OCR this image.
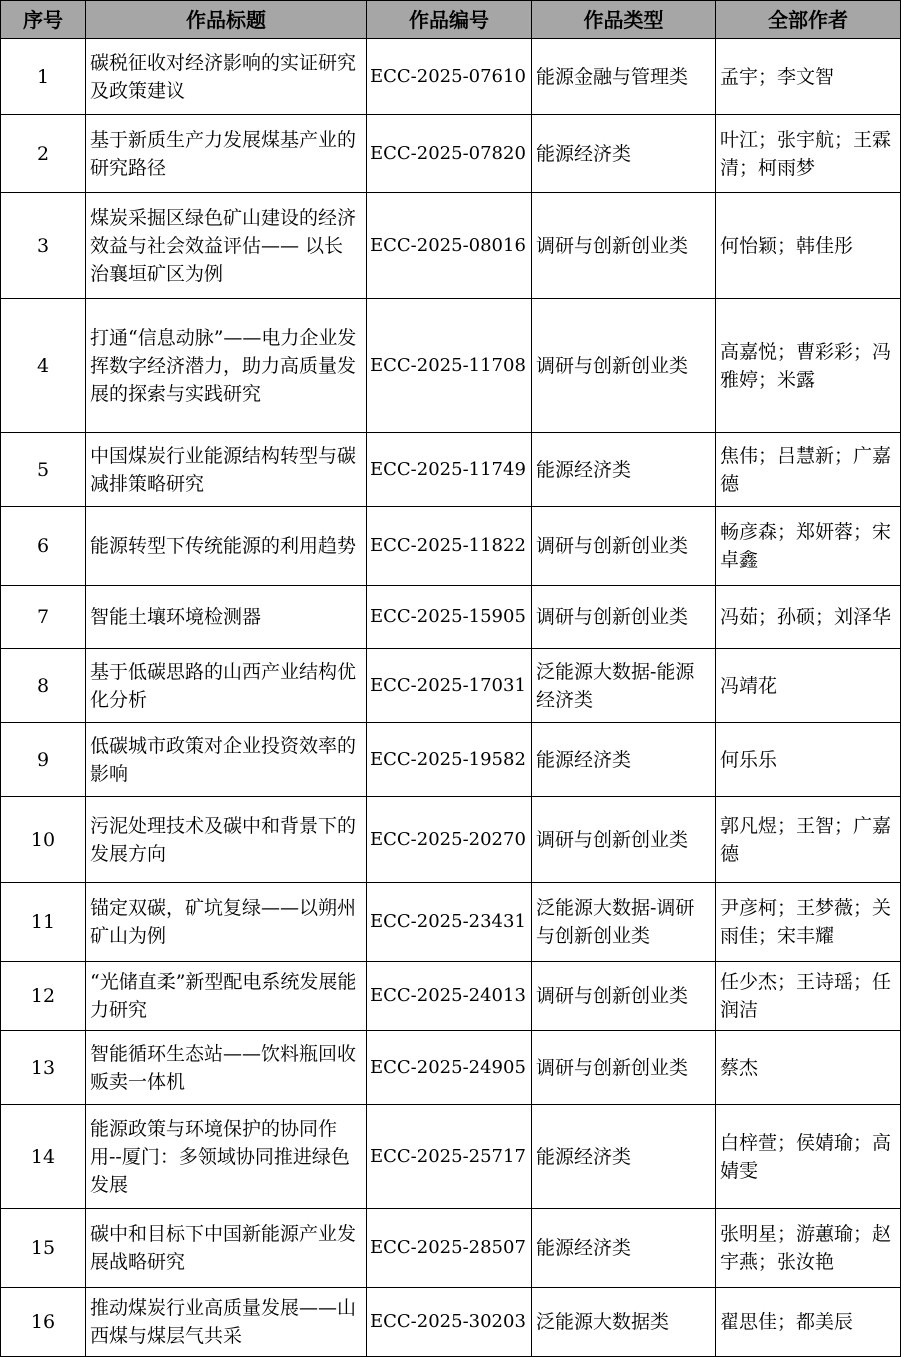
序号	作品标题	作品编号	作品类型	全部作者
1	碳税征收对经济影响的实证研究及政策建议	ECC-2025-07610	能源金融与管理类	孟宇；李文智
2	基于新质生产力发展煤基产业的研究路径	ECC-2025-07820	能源经济类	叶江；张宇航；王霖清；柯雨梦
3	煤炭采掘区绿色矿山建设的经济效益与社会效益评估—— 以长治襄垣矿区为例	ECC-2025-08016	调研与创新创业类	何怡颖；韩佳彤
4	打通“信息动脉”——电力企业发挥数字经济潜力，助力高质量发展的探索与实践研究	ECC-2025-11708	调研与创新创业类	高嘉悦；曹彩彩；冯雅婷；米露
5	中国煤炭行业能源结构转型与碳减排策略研究	ECC-2025-11749	能源经济类	焦伟；吕慧新；广嘉德
6	能源转型下传统能源的利用趋势	ECC-2025-11822	调研与创新创业类	畅彦森；郑妍蓉；宋卓鑫
7	智能土壤环境检测器	ECC-2025-15905	调研与创新创业类	冯茹；孙硕；刘泽华
8	基于低碳思路的山西产业结构优化分析	ECC-2025-17031	泛能源大数据-能源经济类	冯靖花
9	低碳城市政策对企业投资效率的影响	ECC-2025-19582	能源经济类	何乐乐
10	污泥处理技术及碳中和背景下的发展方向	ECC-2025-20270	调研与创新创业类	郭凡煜；王智；广嘉德
11	锚定双碳，矿坑复绿——以朔州矿山为例	ECC-2025-23431	泛能源大数据-调研与创新创业类	尹彦柯；王梦薇；关雨佳；宋丰耀
12	“光储直柔”新型配电系统发展能力研究	ECC-2025-24013	调研与创新创业类	任少杰；王诗瑶；任润洁
13	智能循环生态站——饮料瓶回收贩卖一体机	ECC-2025-24905	调研与创新创业类	蔡杰
14	能源政策与环境保护的协同作用--厦门：多领域协同推进绿色发展	ECC-2025-25717	能源经济类	白梓萱；侯婧瑜；高婧雯
15	碳中和目标下中国新能源产业发展战略研究	ECC-2025-28507	能源经济类	张明星；游蕙瑜；赵宇燕；张汝艳
16	推动煤炭行业高质量发展——山西煤与煤层气共采	ECC-2025-30203	泛能源大数据类	翟思佳；都美辰
